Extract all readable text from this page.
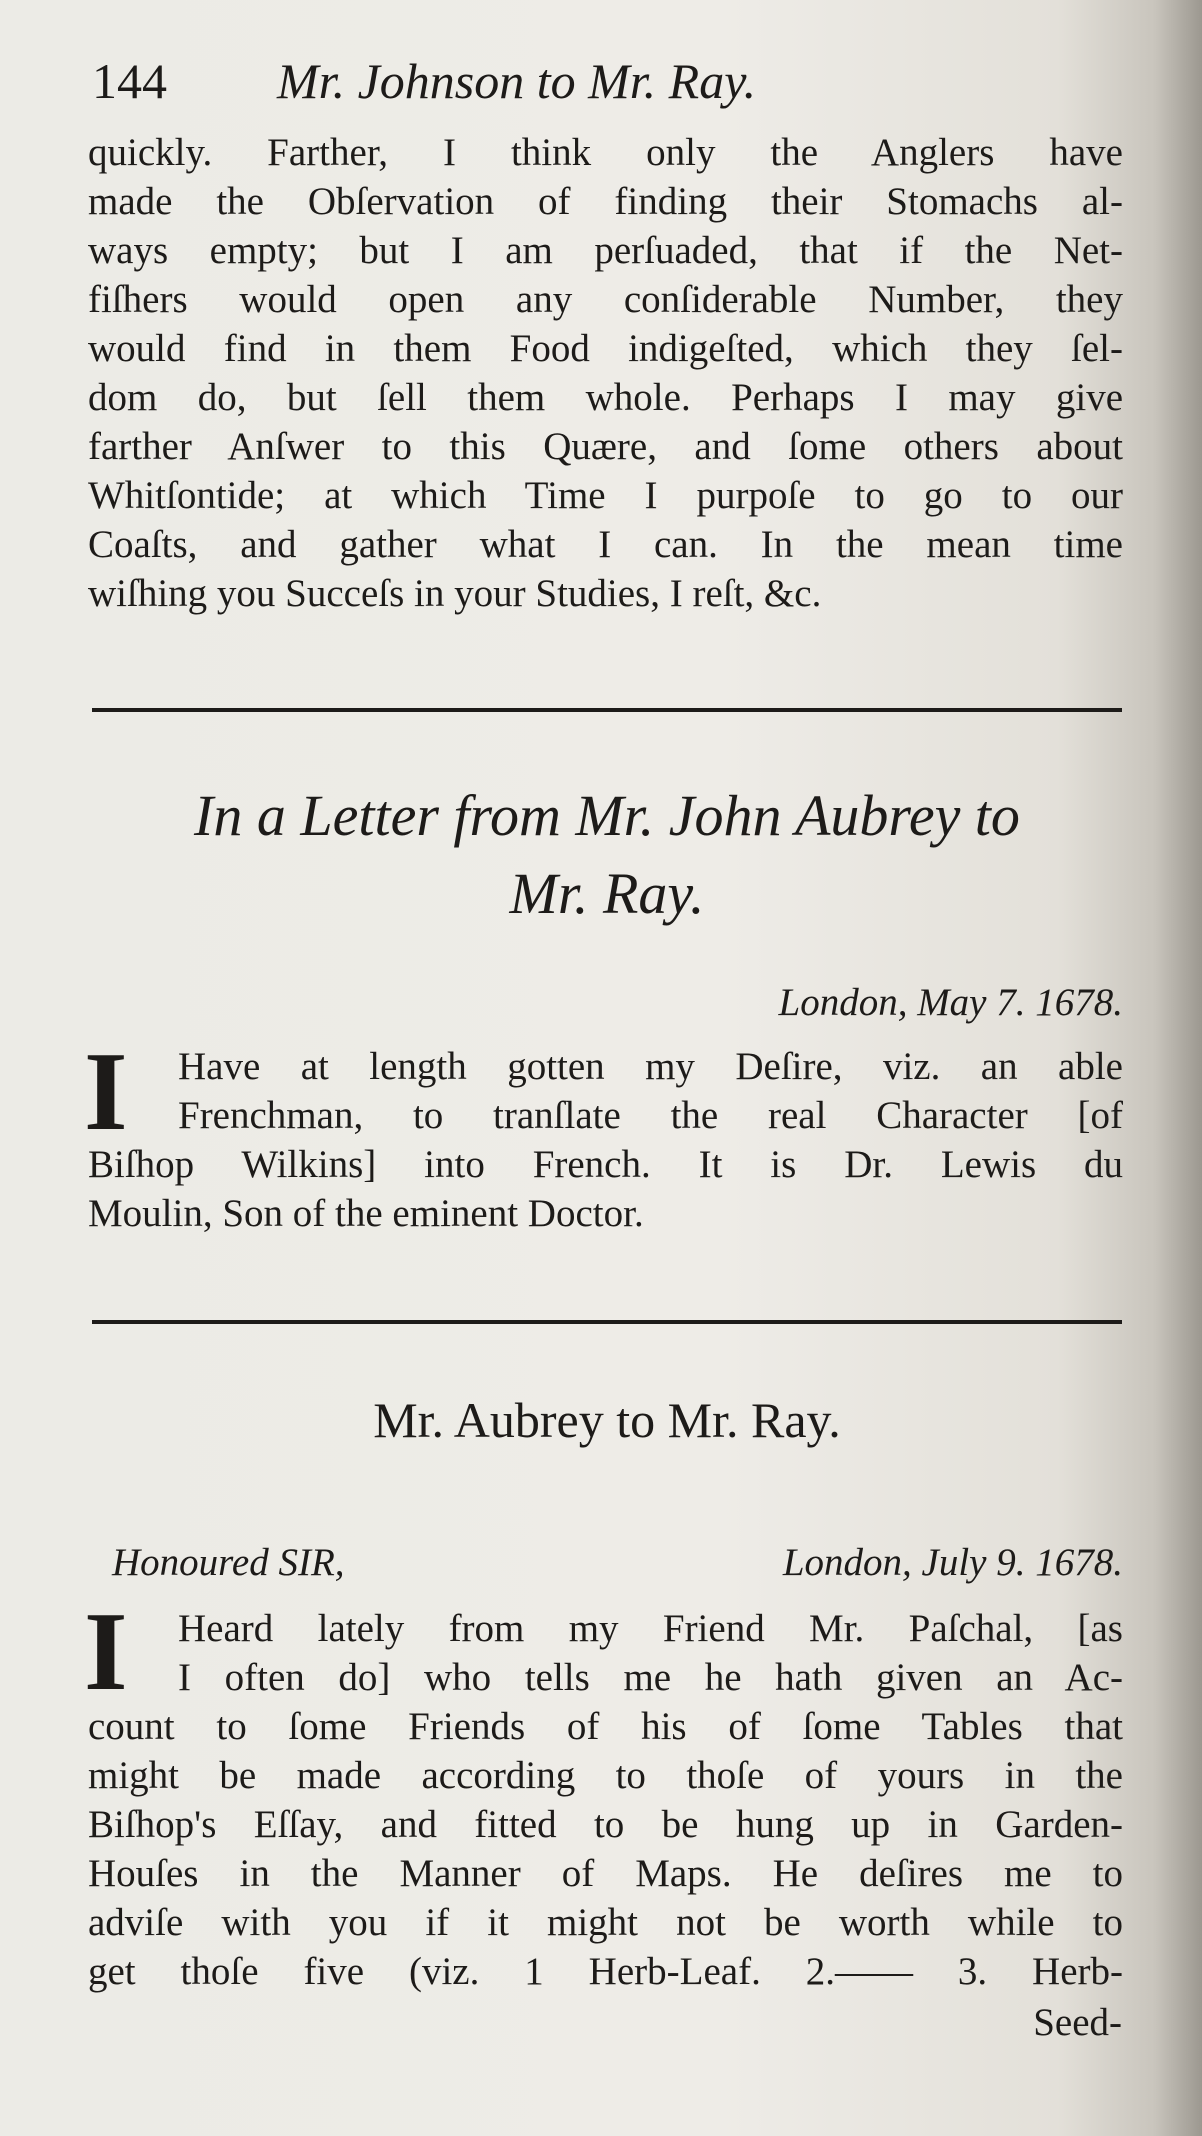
144 Mr. Johnson to Mr. Ray.
quickly. Farther, I think only the Anglers have
made the Obſervation of finding their Stomachs al-
ways empty; but I am perſuaded, that if the Net-
fiſhers would open any conſiderable Number, they
would find in them Food indigeſted, which they ſel-
dom do, but ſell them whole. Perhaps I may give
farther Anſwer to this Quære, and ſome others about
Whitſontide; at which Time I purpoſe to go to our
Coaſts, and gather what I can. In the mean time
wiſhing you Succeſs in your Studies, I reſt, &c.
In a Letter from Mr. John Aubrey to
Mr. Ray.
London, May 7. 1678.
I Have at length gotten my Deſire, viz. an able
Frenchman, to tranſlate the real Character [of
Biſhop Wilkins] into French. It is Dr. Lewis du
Moulin, Son of the eminent Doctor.
Mr. Aubrey to Mr. Ray.
Honoured SIR,	London, July 9. 1678.
I Heard lately from my Friend Mr. Paſchal, [as
I often do] who tells me he hath given an Ac-
count to ſome Friends of his of ſome Tables that
might be made according to thoſe of yours in the
Biſhop's Eſſay, and fitted to be hung up in Garden-
Houſes in the Manner of Maps. He deſires me to
adviſe with you if it might not be worth while to
get thoſe five (viz. 1 Herb-Leaf. 2.—— 3. Herb-
Seed-
